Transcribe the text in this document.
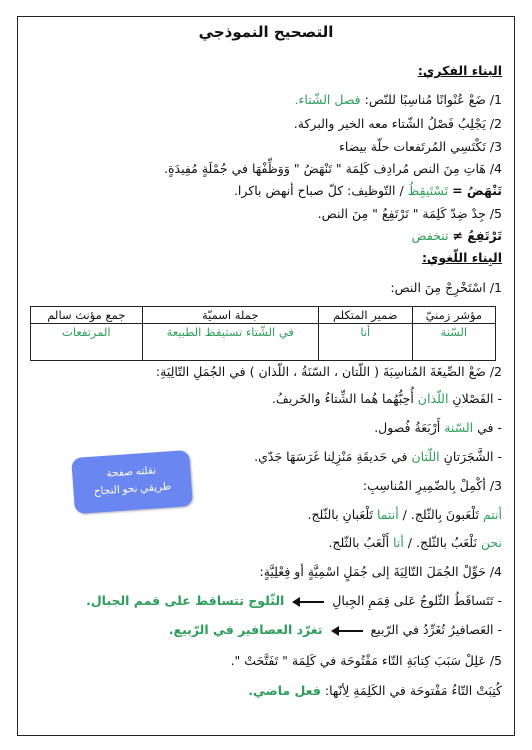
التصحيح النموذجي
البناء الفكري:
1/ ضَعْ عُنْوانًا مُناسِبًا للنّص: فصل الشّتاء.
2/ يَجْلِبُ فَصْلُ الشّتاء معه الخير والبركة.
3/ تَكْتَسِي المُرتَفعات حلّة بيضاء
4/ هَاتِ مِنَ النص مُرادِف كَلِمَة " تَنْهَضُ " وَوَظِّفْهَا في جُمْلَةٍ مُفِيدَةٍ.
تَنْهَضُ = تَسْتَيقِظُ / التّوظيف: كلّ صباح أنهض باكرا.
5/ جِدْ ضِدّ كَلِمَة " تَرْتَفِعُ " مِنَ النص.
تَرْتَفِعُ ≠ تنخفض
البِناء اللّغوي:
1/ اسْتَخْرِجْ مِنَ النص:
مؤشر زمنيّ	ضمير المتكلم	جملة اسميّة	جمع مؤنث سالم
السّنة	أنا	في الشّتاء تستيقظ الطبيعة	المرتفعات
2/ ضَعْ الصِّيغَةَ المُناسِبَةَ ( اللّتان ، السّنَةُ ، اللّذان ) في الجُمَلِ التّالِيَةِ:
- الفَصْلانِ اللّذان أُحِبُّهُما هُما الشِّتاءُ والخَريفُ.
- في السّنة أَرْبَعَةُ فُصول.
- الشَّجَرَتانِ اللّتان في حَديقَةِ مَنْزِلِنا غَرَسَهَا جَدّي.
3/ أكْمِلْ بِالضّمِيرِ المُناسِبِ:
أنتم تَلْعَبونَ بِالثّلج. / أنتما تَلْعَبانِ بالثّلج.
نحن نَلْعَبُ بالثّلج. / أنا أَلْعَبُ بالثّلج.
4/ حَوِّلْ الجُمَلَ التّالِيَةَ إلى جُمَلٍ اسْمِيَّةٍ أو فِعْلِيَّةٍ:
- تَتَساقَطُ الثّلوجُ عَلى قِمَمِ الجِبالِ  الثّلوج تتساقط على قمم الجبال.
- العَصافيرُ تُغَرِّدُ في الرّبيع  تغرّد العصافير في الرّبيع.
5/ عَلِلْ سَبَبَ كِتابَةِ التّاء مَفْتُوحَة في كَلِمَة " تَفَتَّحَتْ ".
كُتِبَتْ التّاءُ مَفْتوحَة في الكَلِمَةِ لِأنّها: فعل ماضي.
نقلته صفحة
طريقي نحو النجاح
